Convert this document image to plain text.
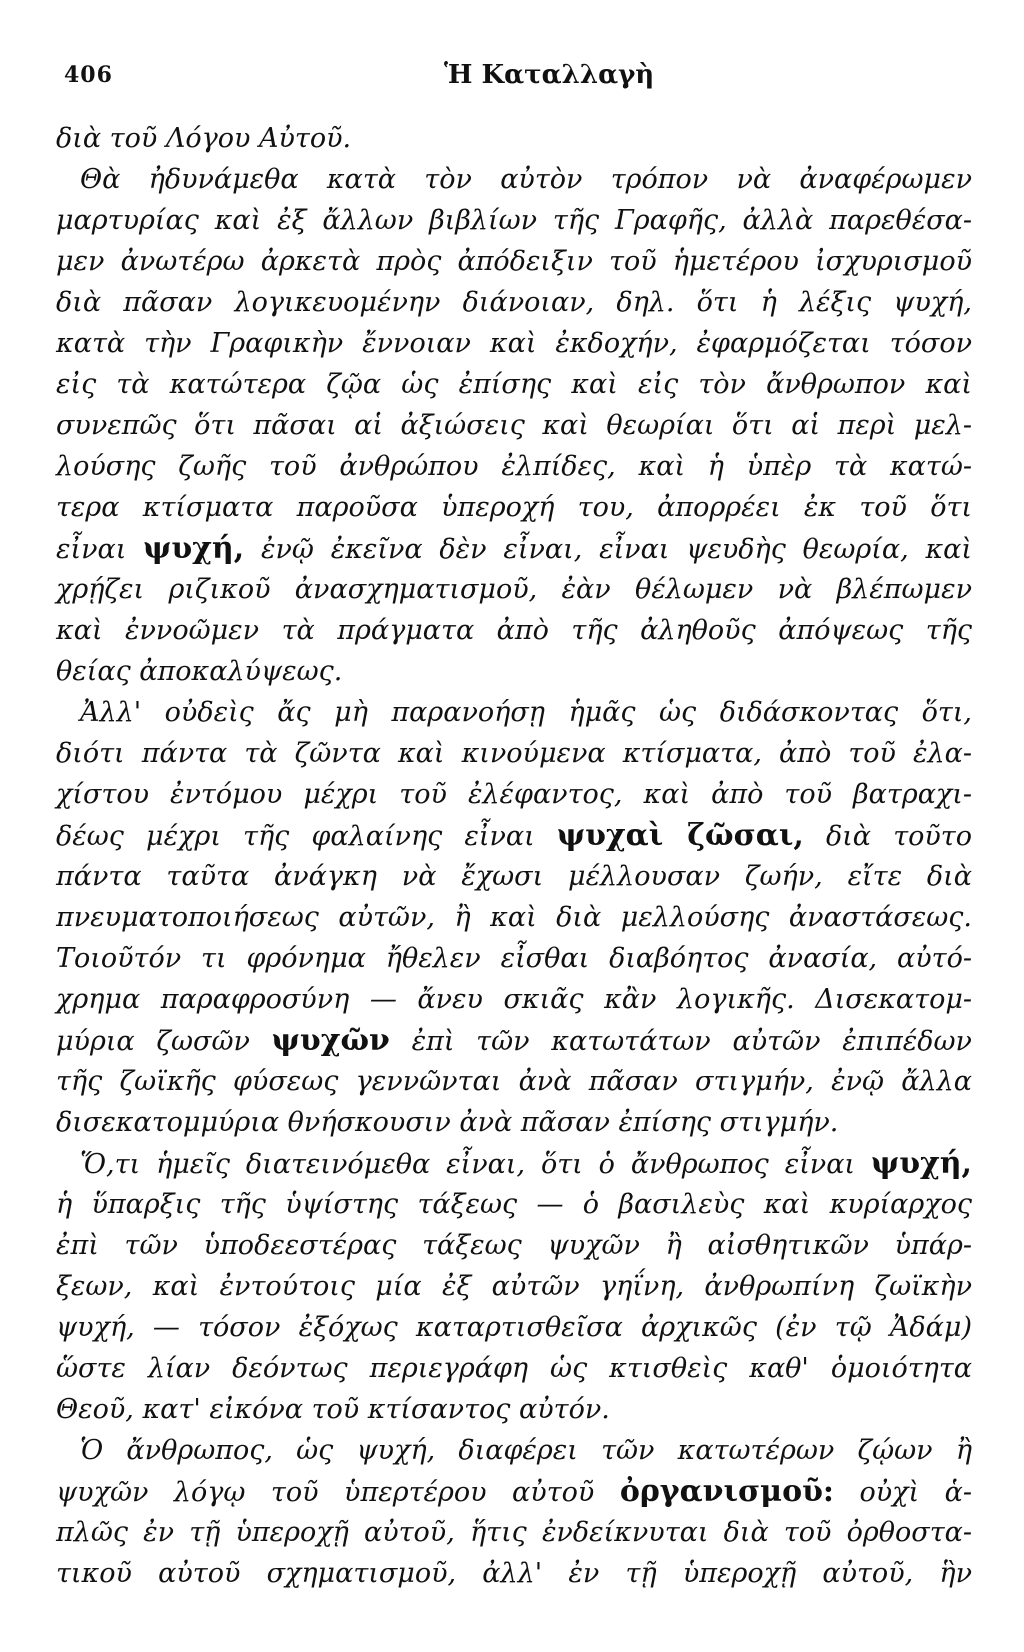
406	Ἡ Καταλλαγὴ
διὰ τοῦ Λόγου Αὐτοῦ.
Θὰ ἠδυνάμεθα κατὰ τὸν αὐτὸν τρόπον νὰ ἀναφέρωμεν
μαρτυρίας καὶ ἐξ ἄλλων βιβλίων τῆς Γραφῆς, ἀλλὰ παρεθέσα-
μεν ἀνωτέρω ἀρκετὰ πρὸς ἀπόδειξιν τοῦ ἡμετέρου ἰσχυρισμοῦ
διὰ πᾶσαν λογικευομένην διάνοιαν, δηλ. ὅτι ἡ λέξις ψυχή,
κατὰ τὴν Γραφικὴν ἔννοιαν καὶ ἐκδοχήν, ἐφαρμόζεται τόσον
εἰς τὰ κατώτερα ζῷα ὡς ἐπίσης καὶ εἰς τὸν ἄνθρωπον καὶ
συνεπῶς ὅτι πᾶσαι αἱ ἀξιώσεις καὶ θεωρίαι ὅτι αἱ περὶ μελ-
λούσης ζωῆς τοῦ ἀνθρώπου ἐλπίδες, καὶ ἡ ὑπὲρ τὰ κατώ-
τερα κτίσματα παροῦσα ὑπεροχή του, ἀπορρέει ἐκ τοῦ ὅτι
εἶναι ψυχή, ἐνῷ ἐκεῖνα δὲν εἶναι, εἶναι ψευδὴς θεωρία, καὶ
χρῄζει ριζικοῦ ἀνασχηματισμοῦ, ἐὰν θέλωμεν νὰ βλέπωμεν
καὶ ἐννοῶμεν τὰ πράγματα ἀπὸ τῆς ἀληθοῦς ἀπόψεως τῆς
θείας ἀποκαλύψεως.
Ἀλλ' οὐδεὶς ἄς μὴ παρανοήσῃ ἡμᾶς ὡς διδάσκοντας ὅτι,
διότι πάντα τὰ ζῶντα καὶ κινούμενα κτίσματα, ἀπὸ τοῦ ἐλα-
χίστου ἐντόμου μέχρι τοῦ ἐλέφαντος, καὶ ἀπὸ τοῦ βατραχι-
δέως μέχρι τῆς φαλαίνης εἶναι ψυχαὶ ζῶσαι, διὰ τοῦτο
πάντα ταῦτα ἀνάγκη νὰ ἔχωσι μέλλουσαν ζωήν, εἴτε διὰ
πνευματοποιήσεως αὐτῶν, ἢ καὶ διὰ μελλούσης ἀναστάσεως.
Τοιοῦτόν τι φρόνημα ἤθελεν εἶσθαι διαβόητος ἀνασία, αὐτό-
χρημα παραφροσύνη — ἄνευ σκιᾶς κἂν λογικῆς. Δισεκατομ-
μύρια ζωσῶν ψυχῶν ἐπὶ τῶν κατωτάτων αὐτῶν ἐπιπέδων
τῆς ζωϊκῆς φύσεως γεννῶνται ἀνὰ πᾶσαν στιγμήν, ἐνῷ ἄλλα
δισεκατομμύρια θνήσκουσιν ἀνὰ πᾶσαν ἐπίσης στιγμήν.
Ὅ,τι ἡμεῖς διατεινόμεθα εἶναι, ὅτι ὁ ἄνθρωπος εἶναι ψυχή,
ἡ ὕπαρξις τῆς ὑψίστης τάξεως — ὁ βασιλεὺς καὶ κυρίαρχος
ἐπὶ τῶν ὑποδεεστέρας τάξεως ψυχῶν ἢ αἰσθητικῶν ὑπάρ-
ξεων, καὶ ἐντούτοις μία ἐξ αὐτῶν γηΐνη, ἀνθρωπίνη ζωϊκὴν
ψυχή, — τόσον ἐξόχως καταρτισθεῖσα ἀρχικῶς (ἐν τῷ Ἀδάμ)
ὥστε λίαν δεόντως περιεγράφη ὡς κτισθεὶς καθ' ὁμοιότητα
Θεοῦ, κατ' εἰκόνα τοῦ κτίσαντος αὐτόν.
Ὁ ἄνθρωπος, ὡς ψυχή, διαφέρει τῶν κατωτέρων ζῴων ἢ
ψυχῶν λόγῳ τοῦ ὑπερτέρου αὐτοῦ ὀργανισμοῦ: οὐχὶ ἁ-
πλῶς ἐν τῇ ὑπεροχῇ αὐτοῦ, ἥτις ἐνδείκνυται διὰ τοῦ ὀρθοστα-
τικοῦ αὐτοῦ σχηματισμοῦ, ἀλλ' ἐν τῇ ὑπεροχῇ αὐτοῦ, ἣν
